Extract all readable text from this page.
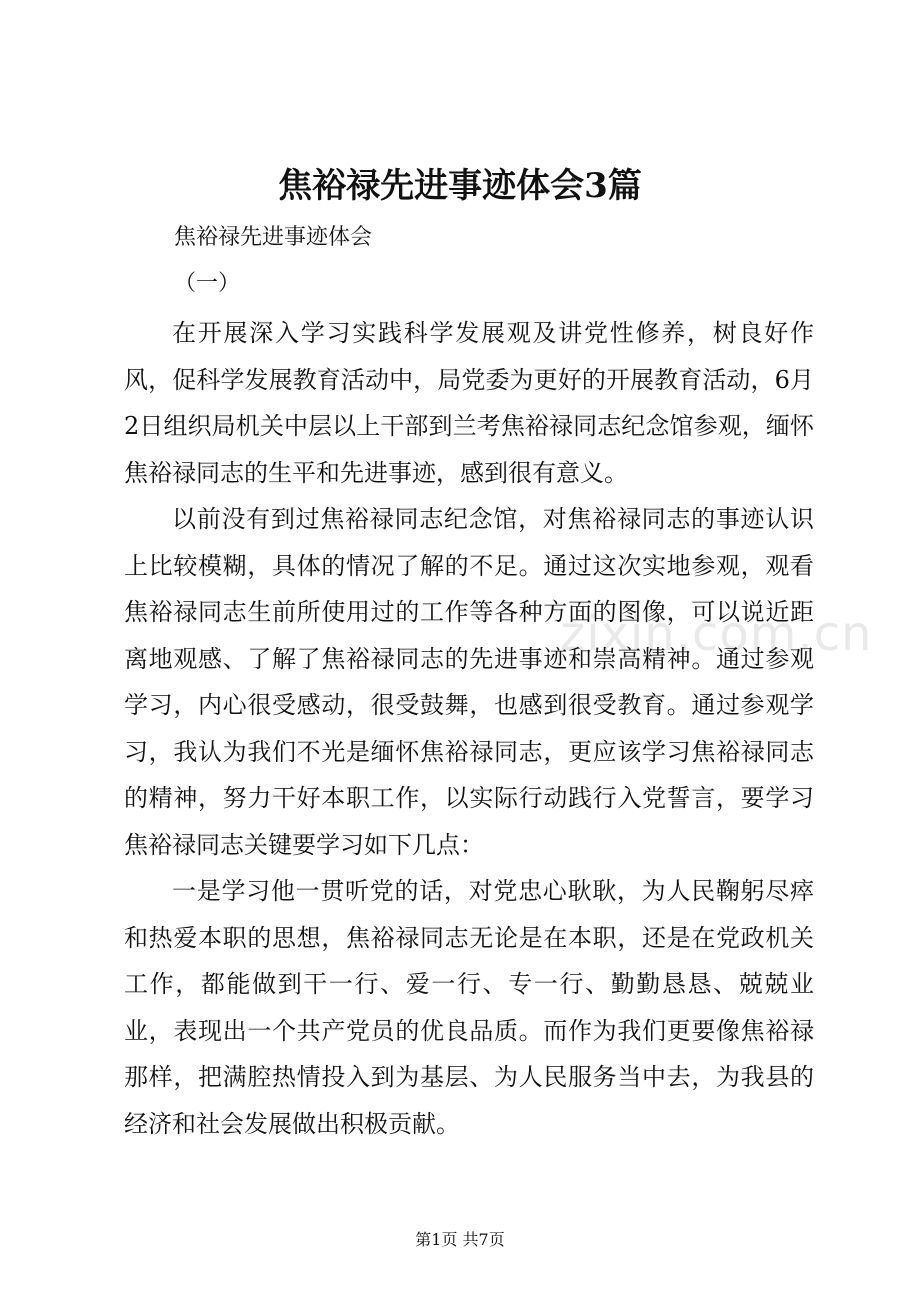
zixin.com.cn
焦裕禄先进事迹体会3篇
焦裕禄先进事迹体会
（一）

在开展深入学习实践科学发展观及讲党性修养，树良好作风，促科学发展教育活动中，局党委为更好的开展教育活动，6月2日组织局机关中层以上干部到兰考焦裕禄同志纪念馆参观，缅怀焦裕禄同志的生平和先进事迹，感到很有意义。

以前没有到过焦裕禄同志纪念馆，对焦裕禄同志的事迹认识上比较模糊，具体的情况了解的不足。通过这次实地参观，观看焦裕禄同志生前所使用过的工作等各种方面的图像，可以说近距离地观感、了解了焦裕禄同志的先进事迹和崇高精神。通过参观学习，内心很受感动，很受鼓舞，也感到很受教育。通过参观学习，我认为我们不光是缅怀焦裕禄同志，更应该学习焦裕禄同志的精神，努力干好本职工作，以实际行动践行入党誓言，要学习焦裕禄同志关键要学习如下几点：

一是学习他一贯听党的话，对党忠心耿耿，为人民鞠躬尽瘁和热爱本职的思想，焦裕禄同志无论是在本职，还是在党政机关工作，都能做到干一行、爱一行、专一行、勤勤恳恳、兢兢业业，表现出一个共产党员的优良品质。而作为我们更要像焦裕禄那样，把满腔热情投入到为基层、为人民服务当中去，为我县的经济和社会发展做出积极贡献。

第1页 共7页
